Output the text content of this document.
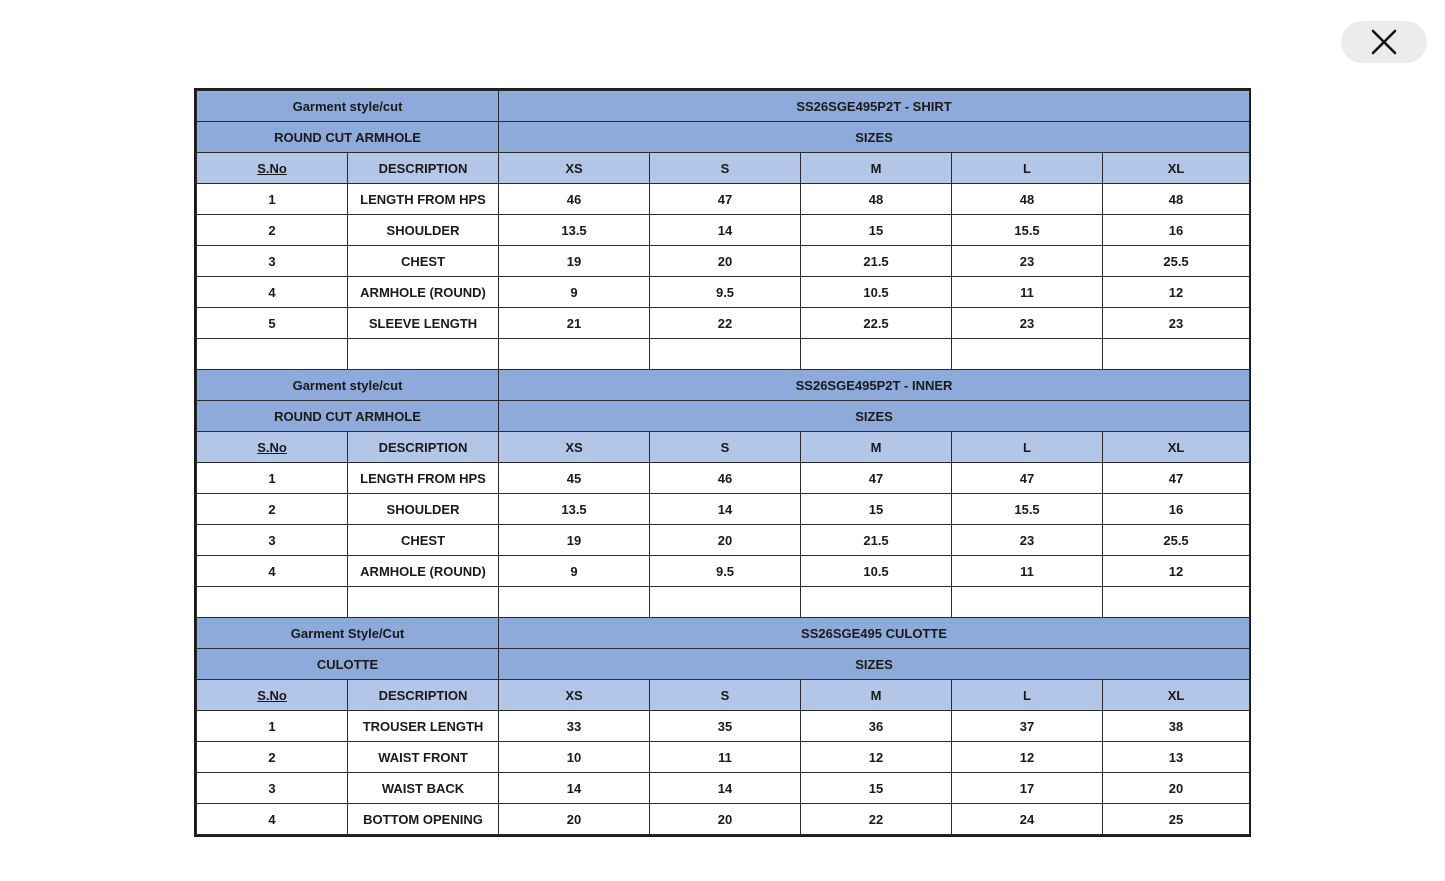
Garment style/cut		SS26SGE495P2T - SHIRT				
ROUND CUT ARMHOLE		SIZES				
S.No	DESCRIPTION	XS	S	M	L	XL
1	LENGTH FROM HPS	46	47	48	48	48
2	SHOULDER	13.5	14	15	15.5	16
3	CHEST	19	20	21.5	23	25.5
4	ARMHOLE (ROUND)	9	9.5	10.5	11	12
5	SLEEVE LENGTH	21	22	22.5	23	23

Garment style/cut		SS26SGE495P2T - INNER				
ROUND CUT ARMHOLE		SIZES				
S.No	DESCRIPTION	XS	S	M	L	XL
1	LENGTH FROM HPS	45	46	47	47	47
2	SHOULDER	13.5	14	15	15.5	16
3	CHEST	19	20	21.5	23	25.5
4	ARMHOLE (ROUND)	9	9.5	10.5	11	12

Garment Style/Cut		SS26SGE495 CULOTTE				
CULOTTE		SIZES				
S.No	DESCRIPTION	XS	S	M	L	XL
1	TROUSER LENGTH	33	35	36	37	38
2	WAIST FRONT	10	11	12	12	13
3	WAIST BACK	14	14	15	17	20
4	BOTTOM OPENING	20	20	22	24	25
